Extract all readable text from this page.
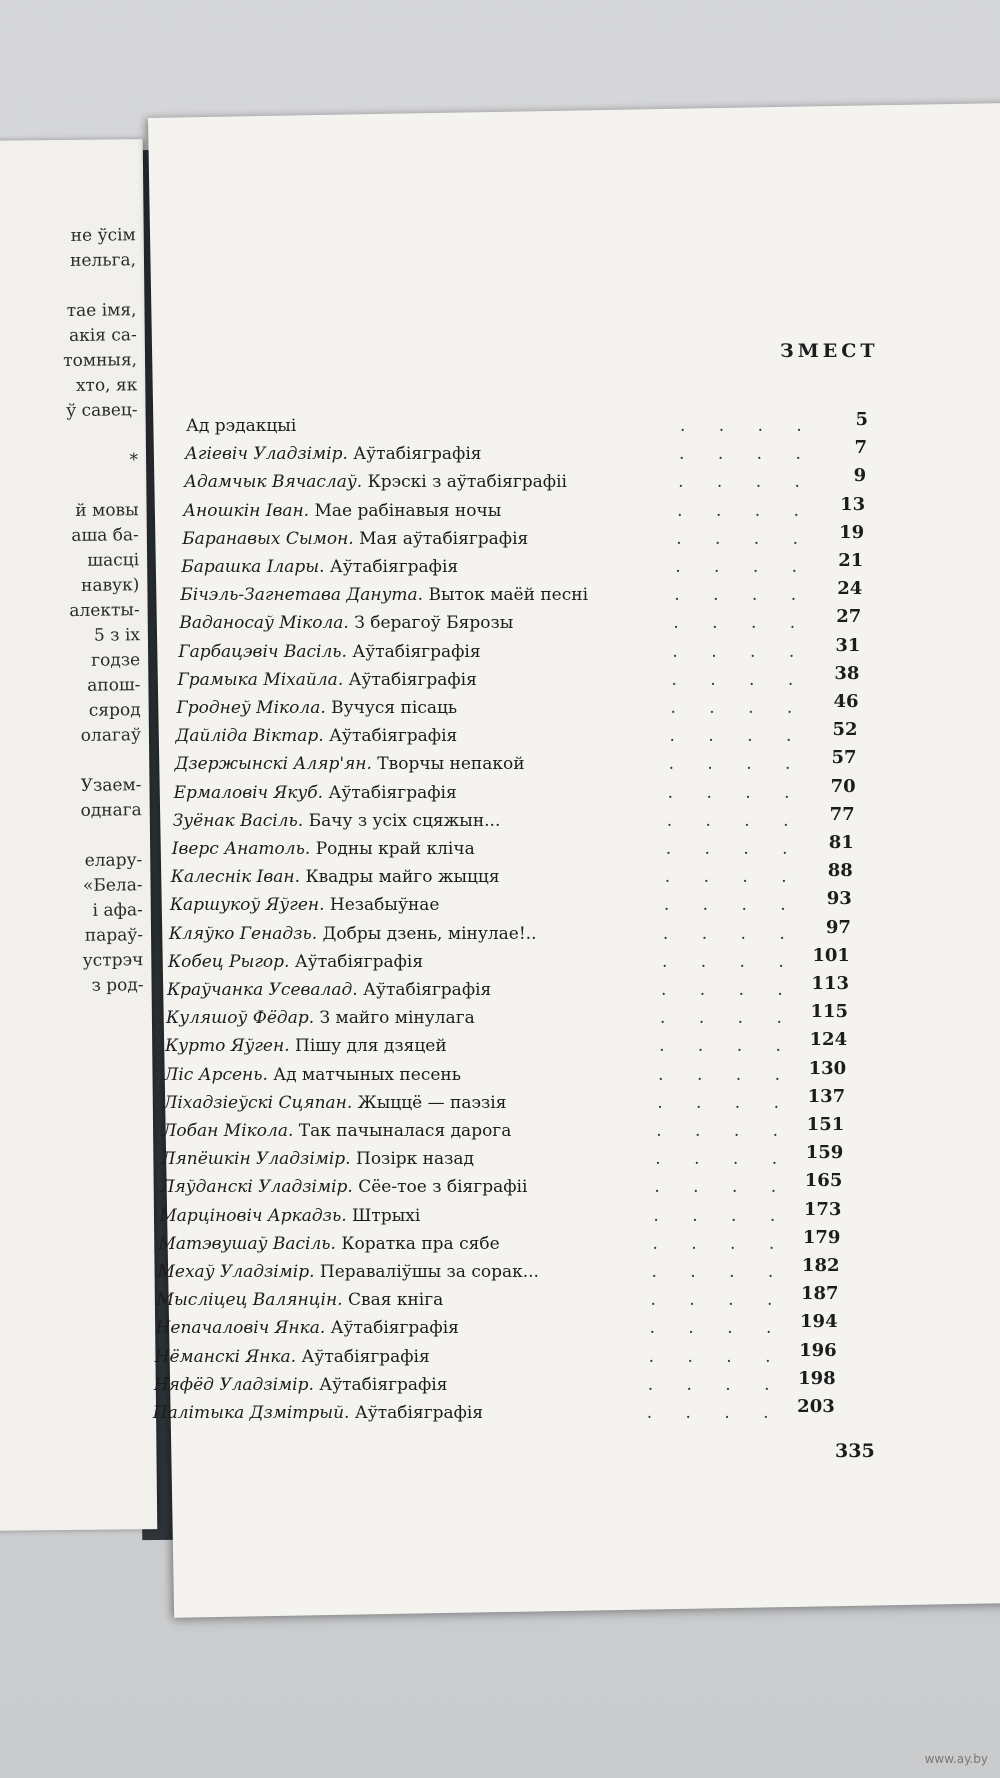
не ўсім
нельга,
тае імя,
акія са-
томныя,
хто, як
ў савец-
*
й мовы
аша ба-
шасці
навук)
алекты-
5 з іх
годзе
апош-
сярод
олагаў
Узаем-
однага
елару-
«Бела-
і афа-
параў-
устрэч
з род-
ЗМЕСТ
Ад рэдакцыі	. . . .	5
Агіевіч Уладзімір. Аўтабіяграфія	. . . .	7
Адамчык Вячаслаў. Крэскі з аўтабіяграфіі	. . . .	9
Аношкін Іван. Мае рабінавыя ночы	. . . .	13
Баранавых Сымон. Мая аўтабіяграфія	. . . .	19
Барашка Ілары. Аўтабіяграфія	. . . .	21
Бічэль-Загнетава Данута. Выток маёй песні	. . . .	24
Ваданосаў Мікола. З берагоў Бярозы	. . . .	27
Гарбацэвіч Васіль. Аўтабіяграфія	. . . .	31
Грамыка Міхайла. Аўтабіяграфія	. . . .	38
Гроднеў Мікола. Вучуся пісаць	. . . .	46
Дайліда Віктар. Аўтабіяграфія	. . . .	52
Дзержынскі Аляр'ян. Творчы непакой	. . . .	57
Ермаловіч Якуб. Аўтабіяграфія	. . . .	70
Зуёнак Васіль. Бачу з усіх сцяжын...	. . . .	77
Іверс Анатоль. Родны край кліча	. . . .	81
Калеснік Іван. Квадры майго жыцця	. . . .	88
Каршукоў Яўген. Незабыўнае	. . . .	93
Кляўко Генадзь. Добры дзень, мінулае!..	. . . .	97
Кобец Рыгор. Аўтабіяграфія	. . . . 101
Краўчанка Усевалад. Аўтабіяграфія	. . . . 113
Куляшоў Фёдар. З майго мінулага	. . . . 115
Курто Яўген. Пішу для дзяцей	. . . . 124
Ліс Арсень. Ад матчыных песень	. . . . 130
Ліхадзіеўскі Сцяпан. Жыццё — паэзія	. . . . 137
Лобан Мікола. Так пачыналася дарога	. . . . 151
Ляпёшкін Уладзімір. Позірк назад	. . . . 159
Ляўданскі Уладзімір. Сёе-тое з біяграфіі	. . . . 165
Марціновіч Аркадзь. Штрыхі	. . . . 173
Матэвушаў Васіль. Коратка пра сябе	. . . . 179
Мехаў Уладзімір. Пераваліўшы за сорак...	. . . . 182
Мысліцец Валянцін. Свая кніга	. . . . 187
Непачаловіч Янка. Аўтабіяграфія	. . . . 194
Нёманскі Янка. Аўтабіяграфія	. . . . 196
Няфёд Уладзімір. Аўтабіяграфія	. . . . 198
Палітыка Дзмітрый. Аўтабіяграфія	. . . . 203
335
www.ay.by
